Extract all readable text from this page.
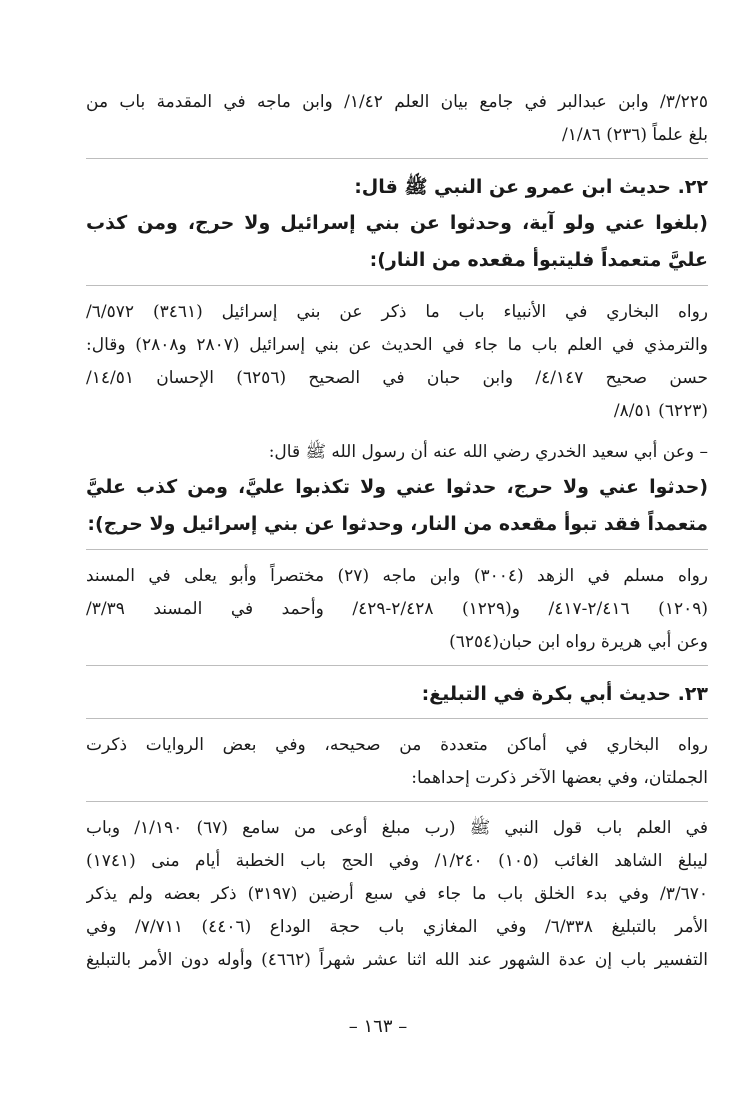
٣/٢٢٥/ وابن عبدالبر في جامع بيان العلم ١/٤٢/ وابن ماجه في المقدمة باب من
بلغ علماً (٢٣٦) ١/٨٦/

٢٢. حديث ابن عمرو عن النبي ﷺ قال:

(بلغوا عني ولو آية، وحدثوا عن بني إسرائيل ولا حرج، ومن كذب
عليَّ متعمداً فليتبوأ مقعده من النار):

رواه البخاري في الأنبياء باب ما ذكر عن بني إسرائيل (٣٤٦١) ٦/٥٧٢/
والترمذي في العلم باب ما جاء في الحديث عن بني إسرائيل (٢٨٠٧ و٢٨٠٨) وقال:
حسن صحيح ٤/١٤٧/ وابن حبان في الصحيح (٦٢٥٦) الإحسان ١٤/٥١/
(٦٢٢٣) ٨/٥١/

– وعن أبي سعيد الخدري رضي الله عنه أن رسول الله ﷺ قال:

(حدثوا عني ولا حرج، حدثوا عني ولا تكذبوا عليَّ، ومن كذب عليَّ
متعمداً فقد تبوأ مقعده من النار، وحدثوا عن بني إسرائيل ولا حرج):

رواه مسلم في الزهد (٣٠٠٤) وابن ماجه (٢٧) مختصراً وأبو يعلى في المسند
(١٢٠٩) ٢/٤١٦-٤١٧/ و(١٢٢٩) ٢/٤٢٨-٤٢٩/ وأحمد في المسند ٣/٣٩/
وعن أبي هريرة رواه ابن حبان(٦٢٥٤)

٢٣. حديث أبي بكرة في التبليغ:

رواه البخاري في أماكن متعددة من صحيحه، وفي بعض الروايات ذكرت
الجملتان، وفي بعضها الآخر ذكرت إحداهما:

في العلم باب قول النبي ﷺ (رب مبلغ أوعى من سامع (٦٧) ١/١٩٠/ وباب
ليبلغ الشاهد الغائب (١٠٥) ١/٢٤٠/ وفي الحج باب الخطبة أيام منى (١٧٤١)
٣/٦٧٠/ وفي بدء الخلق باب ما جاء في سبع أرضين (٣١٩٧) ذكر بعضه ولم يذكر
الأمر بالتبليغ ٦/٣٣٨/ وفي المغازي باب حجة الوداع (٤٤٠٦) ٧/٧١١/ وفي
التفسير باب إن عدة الشهور عند الله اثنا عشر شهراً (٤٦٦٢) وأوله دون الأمر بالتبليغ

– ١٦٣ –
